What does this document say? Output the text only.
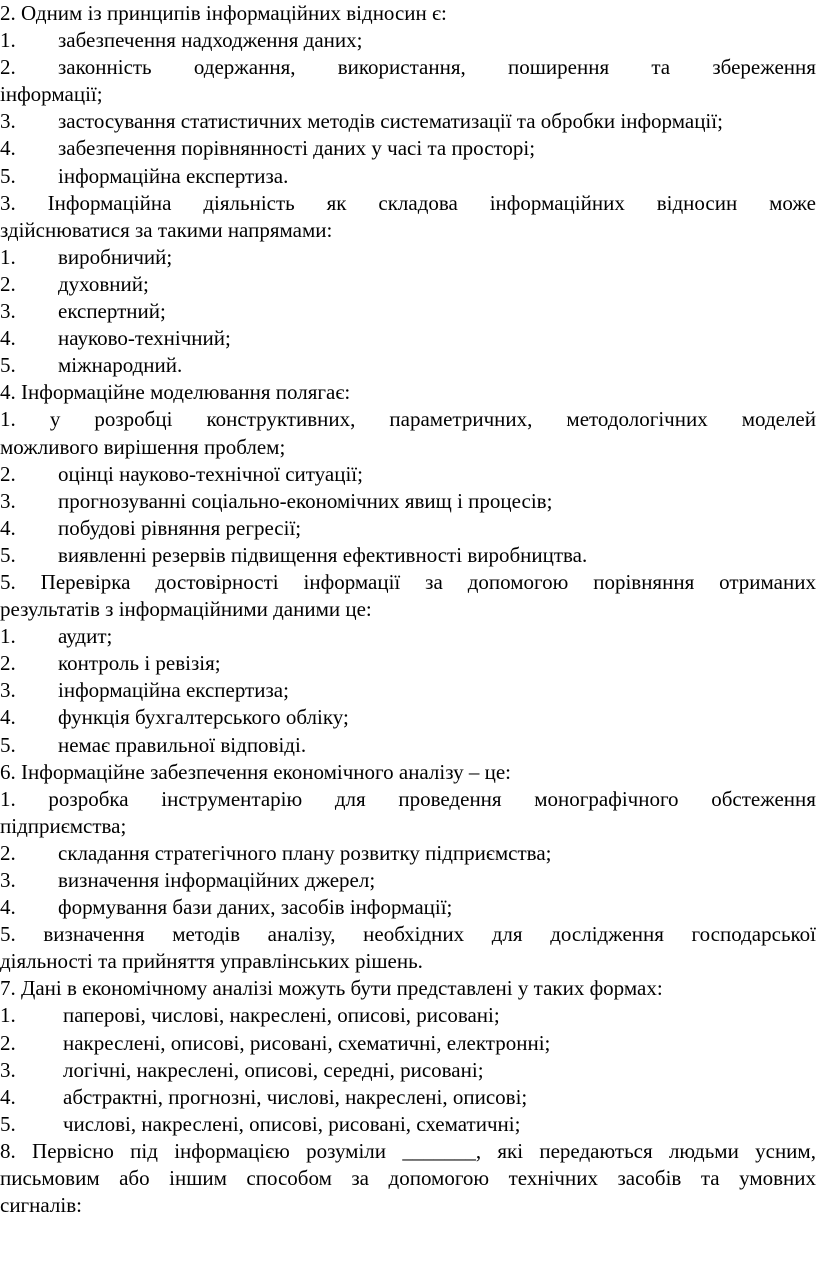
2. Одним із принципів інформаційних відносин є:
1.	забезпечення надходження даних;
2. законність одержання, використання, поширення та збереження
інформації;
3.	застосування статистичних методів систематизації та обробки інформації;
4.	забезпечення порівнянності даних у часі та просторі;
5.	інформаційна експертиза.
3. Інформаційна діяльність як складова інформаційних відносин може
здійснюватися за такими напрямами:
1.	виробничий;
2.	духовний;
3.	експертний;
4.	науково-технічний;
5.	міжнародний.
4. Інформаційне моделювання полягає:
1. у розробці конструктивних, параметричних, методологічних моделей
можливого вирішення проблем;
2.	оцінці науково-технічної ситуації;
3.	прогнозуванні соціально-економічних явищ і процесів;
4.	побудові рівняння регресії;
5.	виявленні резервів підвищення ефективності виробництва.
5. Перевірка достовірності інформації за допомогою порівняння отриманих
результатів з інформаційними даними це:
1.	аудит;
2.	контроль і ревізія;
3.	інформаційна експертиза;
4.	функція бухгалтерського обліку;
5.	немає правильної відповіді.
6. Інформаційне забезпечення економічного аналізу – це:
1. розробка інструментарію для проведення монографічного обстеження
підприємства;
2.	складання стратегічного плану розвитку підприємства;
3.	визначення інформаційних джерел;
4.	формування бази даних, засобів інформації;
5. визначення методів аналізу, необхідних для дослідження господарської
діяльності та прийняття управлінських рішень.
7. Дані в економічному аналізі можуть бути представлені у таких формах:
1.	паперові, числові, накреслені, описові, рисовані;
2.	накреслені, описові, рисовані, схематичні, електронні;
3.	логічні, накреслені, описові, середні, рисовані;
4.	абстрактні, прогнозні, числові, накреслені, описові;
5.	числові, накреслені, описові, рисовані, схематичні;
8. Первісно під інформацією розуміли _______, які передаються людьми усним,
письмовим або іншим способом за допомогою технічних засобів та умовних
сигналів:
